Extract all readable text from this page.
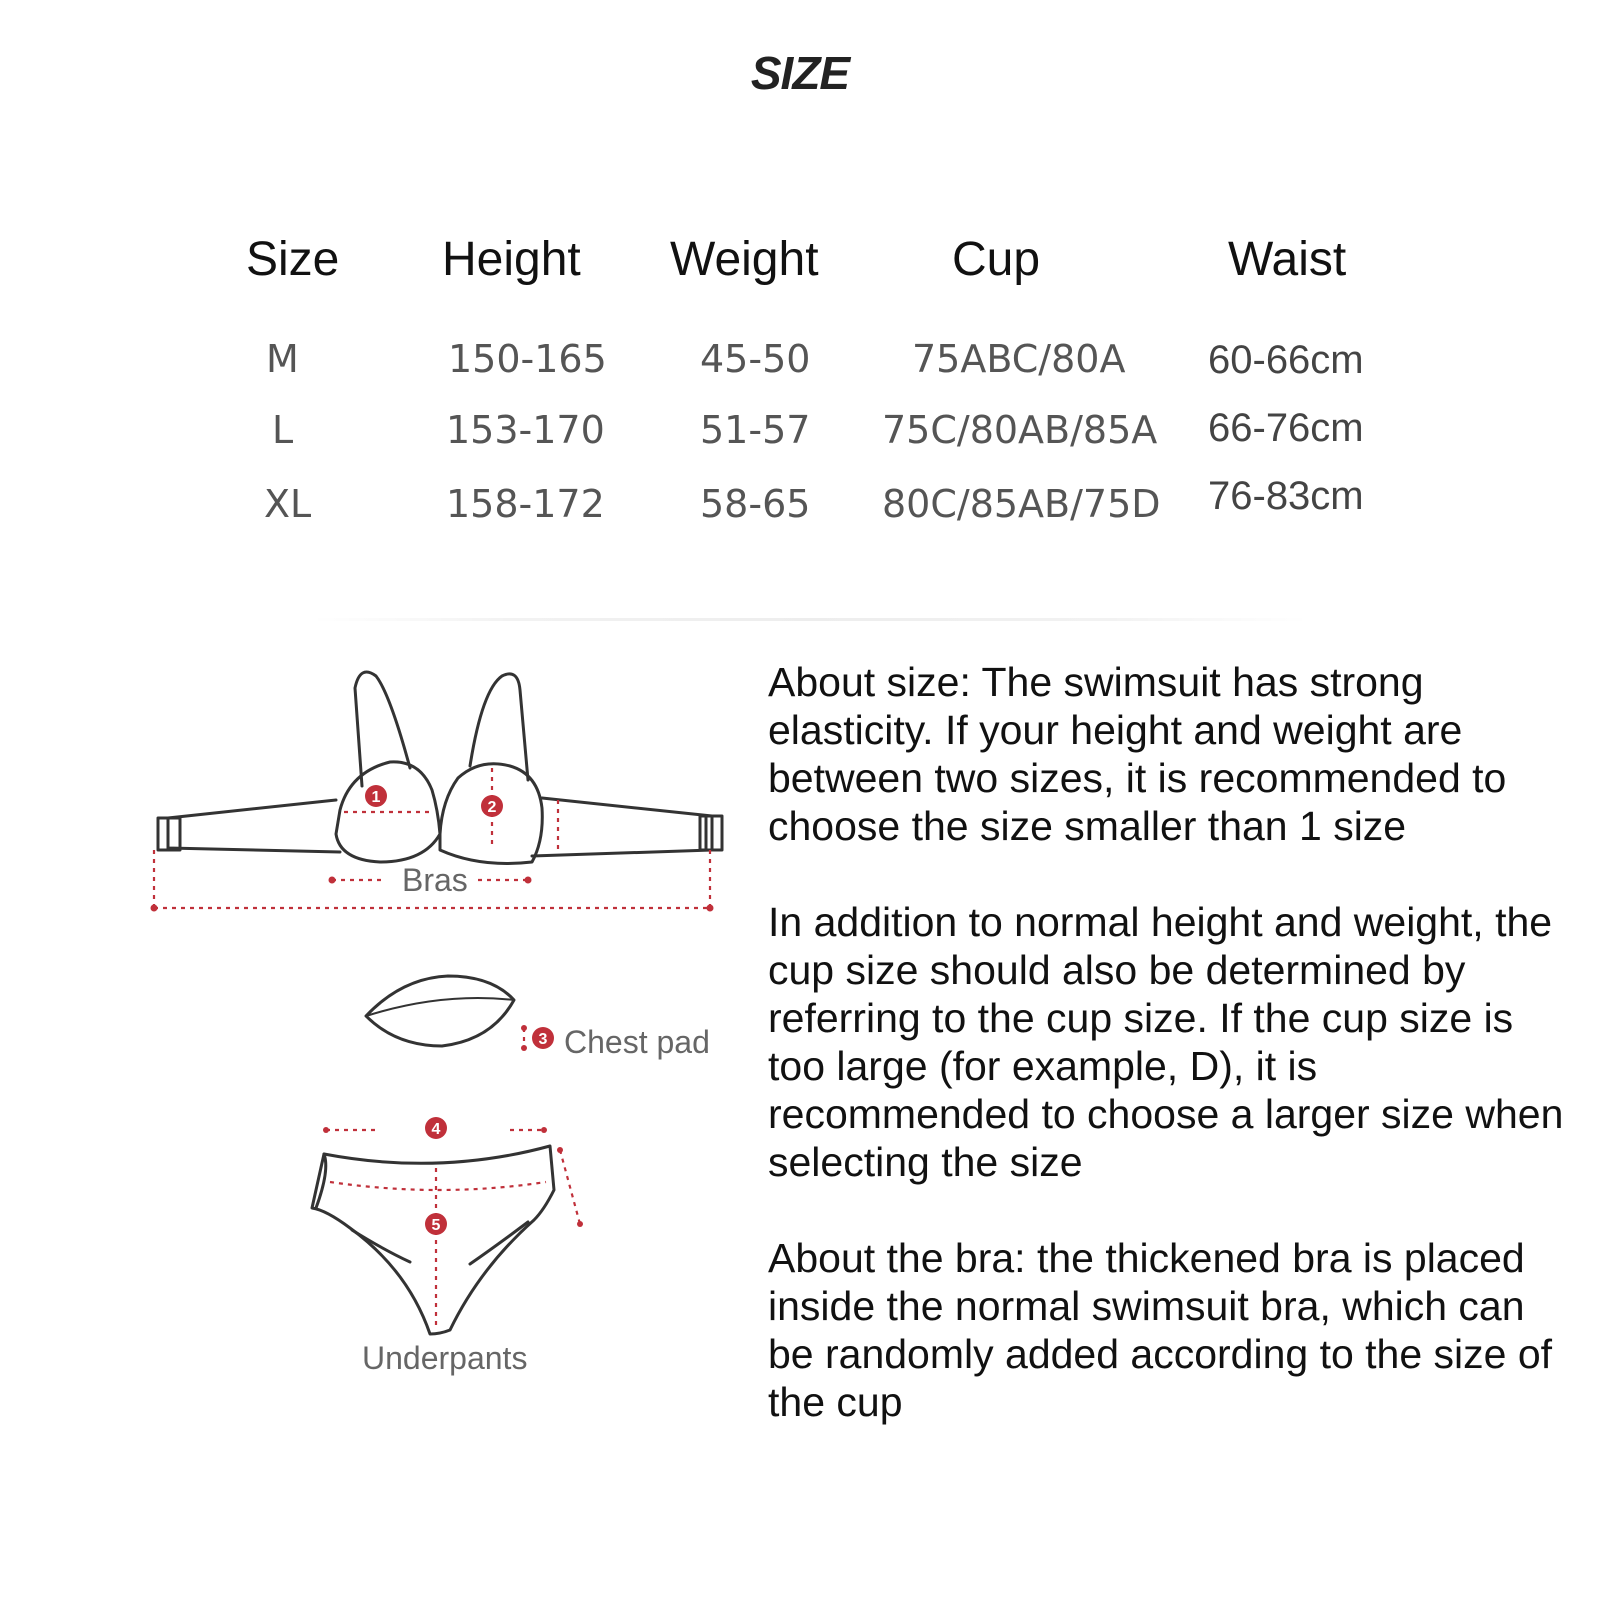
SIZE
Size Height Weight	Cup	Waist
M	150-165 45-50	75ABC/80A 60-66cm
L	153-170	51-57 75C/80AB/85A 66-76cm
XL	158-172	58-65 80C/85AB/75D 76-83cm
1
2
3
4
5
Bras
Chest pad
Underpants

About size: The swimsuit has strong elasticity. If your height and weight are between two sizes, it is recommended to choose the size smaller than 1 size

In addition to normal height and weight, the cup size should also be determined by referring to the cup size. If the cup size is too large (for example, D), it is recommended to choose a larger size when selecting the size

About the bra: the thickened bra is placed inside the normal swimsuit bra, which can be randomly added according to the size of the cup
